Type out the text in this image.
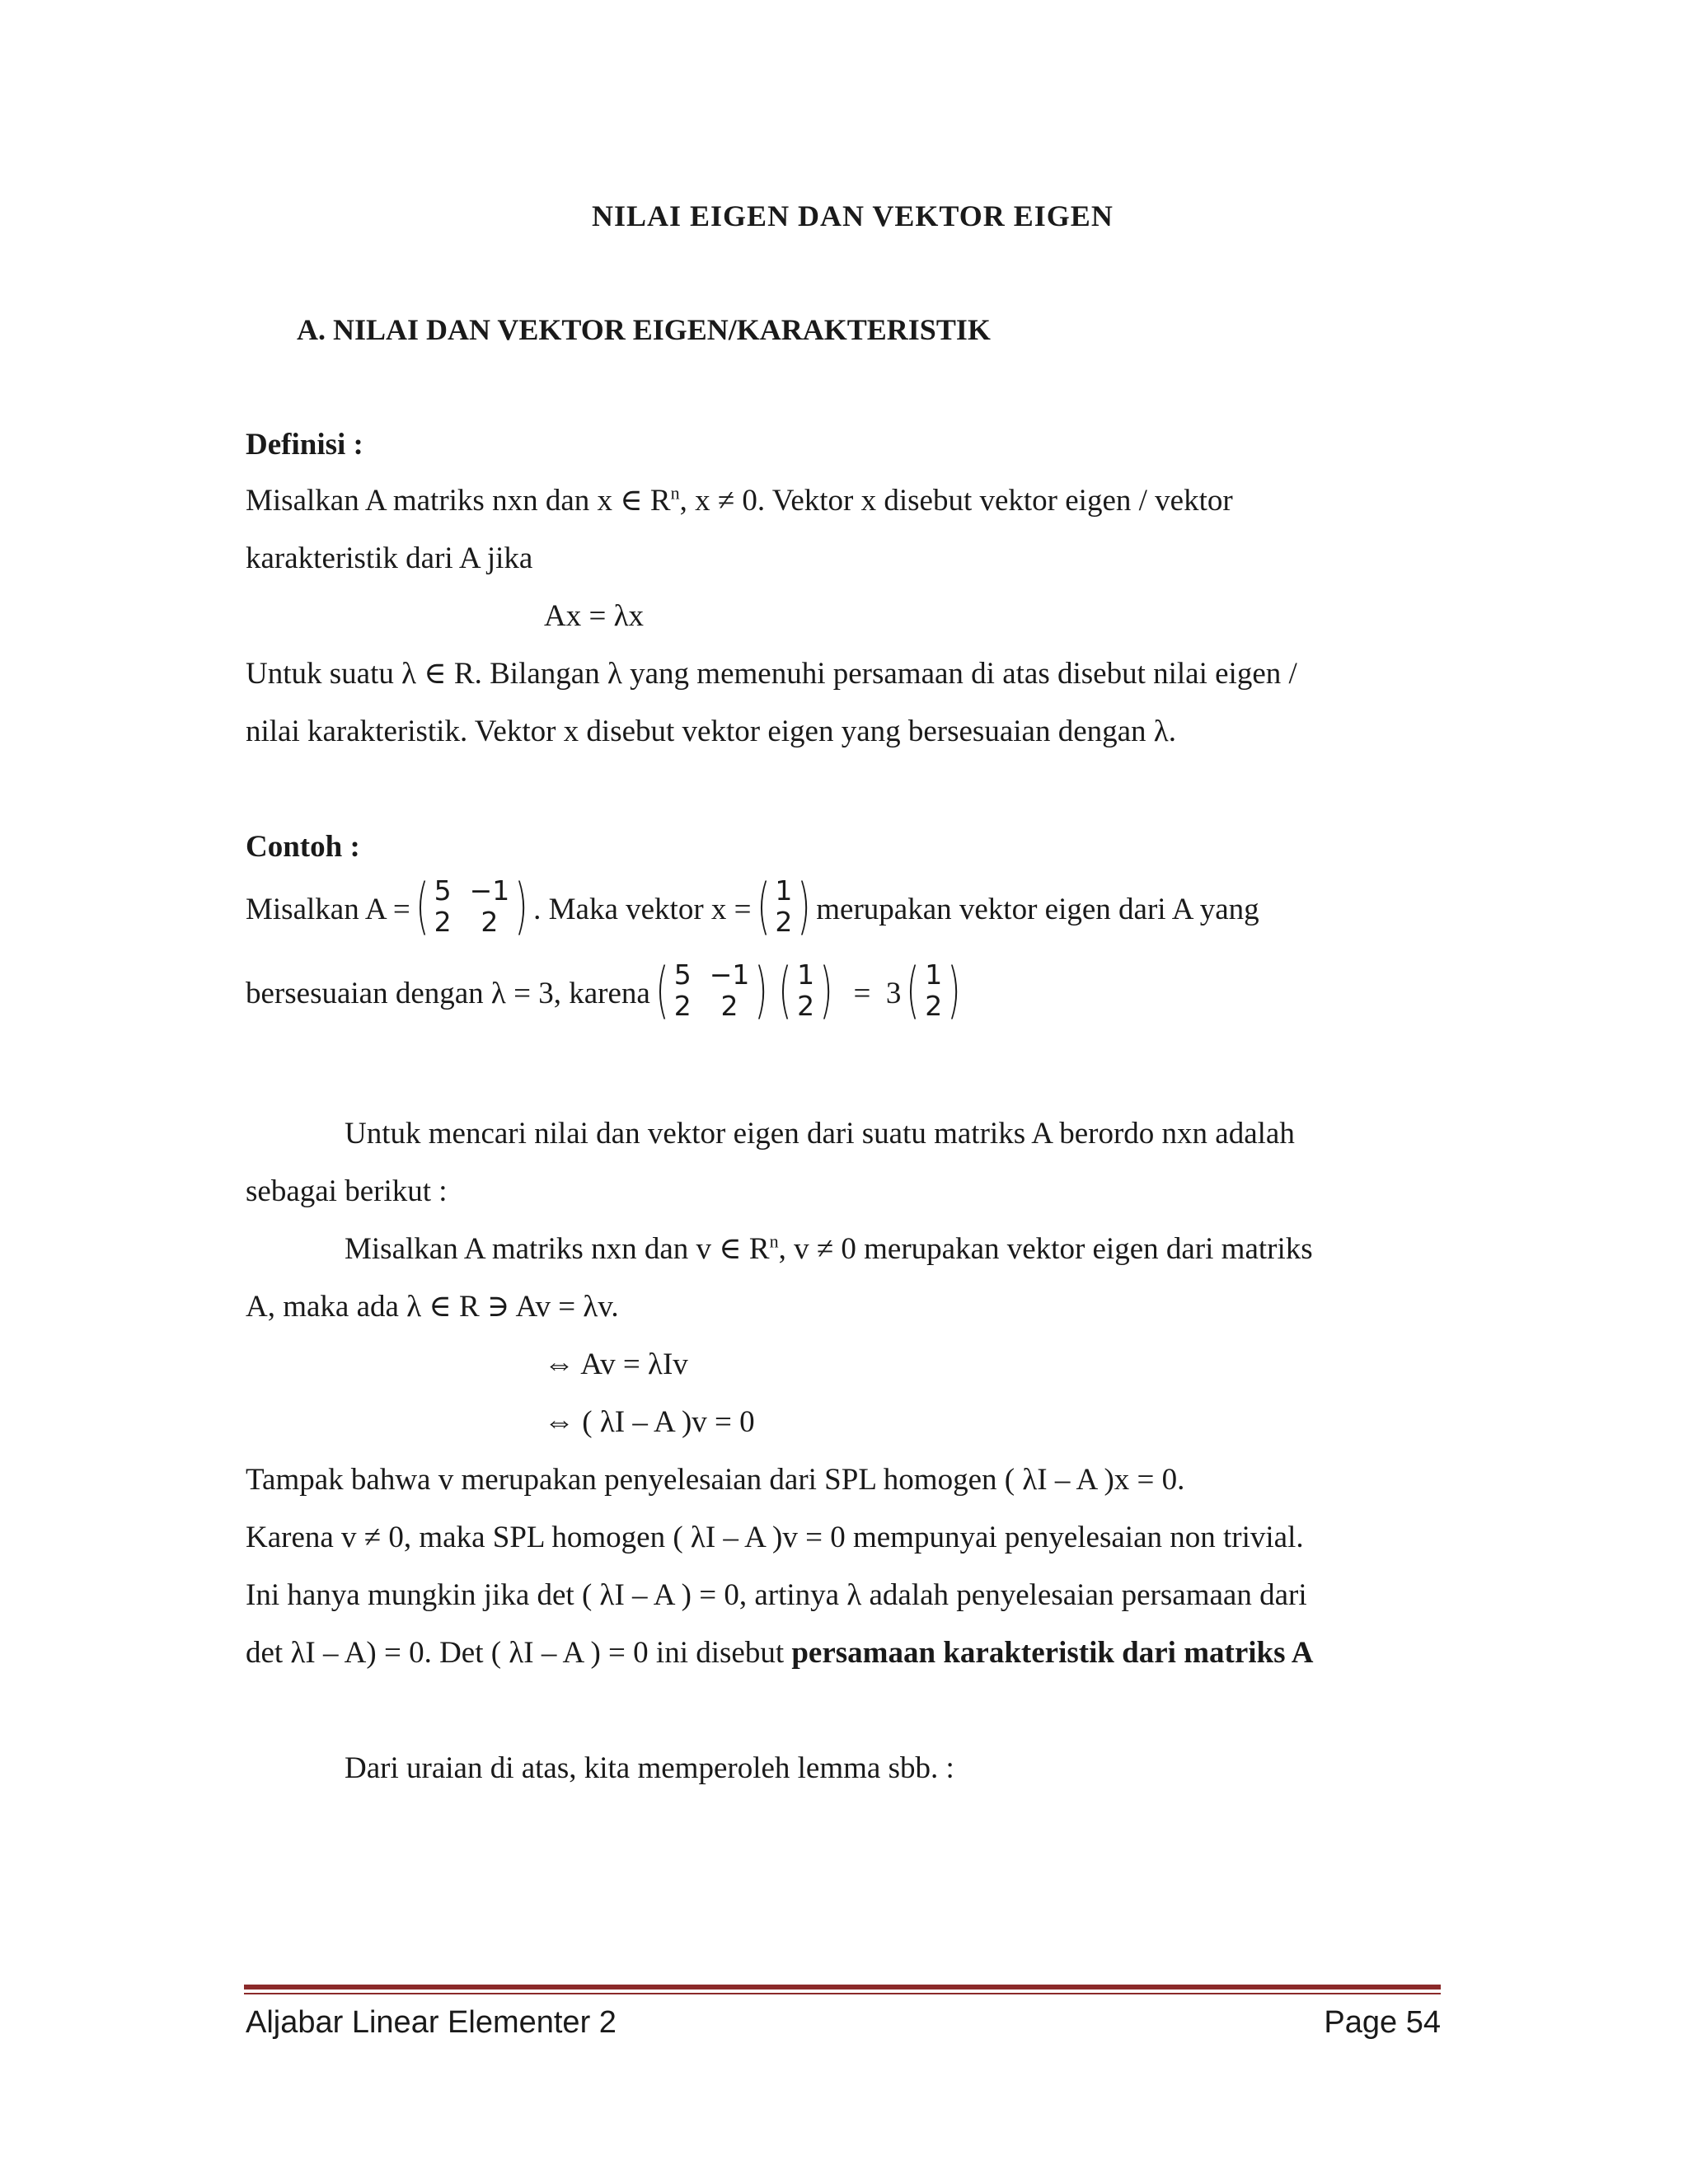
NILAI EIGEN DAN VEKTOR EIGEN
A. NILAI DAN VEKTOR EIGEN/KARAKTERISTIK
Definisi :
Misalkan A matriks nxn dan x ∈ $R^n$, x ≠ 0. Vektor x disebut vektor eigen / vektor
karakteristik dari A jika
Ax = λx
Untuk suatu λ ∈ R. Bilangan λ yang memenuhi persamaan di atas disebut nilai eigen /
nilai karakteristik. Vektor x disebut vektor eigen yang bersesuaian dengan λ.
Contoh :
Misalkan A = ( 5 −1
2	2 ) . Maka vektor x = ( 1
2 ) merupakan vektor eigen dari A yang
bersesuaian dengan λ = 3, karena ( 5 −1
2	2 ) ( 1
2 ) =  3 ( 1
2 )
Untuk mencari nilai dan vektor eigen dari suatu matriks A berordo nxn adalah
sebagai berikut :
Misalkan A matriks nxn dan v ∈ $R^n$, v ≠ 0 merupakan vektor eigen dari matriks
A, maka ada λ ∈ R ∋ Av = λv.
⇔ Av = λIv
⇔ ( λI – A )v = 0
Tampak bahwa v merupakan penyelesaian dari SPL homogen ( λI – A )x = 0.
Karena v ≠ 0, maka SPL homogen ( λI – A )v = 0 mempunyai penyelesaian non trivial.
Ini hanya mungkin jika det ( λI – A ) = 0, artinya λ adalah penyelesaian persamaan dari
det λI – A) = 0. Det ( λI – A ) = 0 ini disebut persamaan karakteristik dari matriks A
Dari uraian di atas, kita memperoleh lemma sbb. :
Aljabar Linear Elementer 2	Page 54
